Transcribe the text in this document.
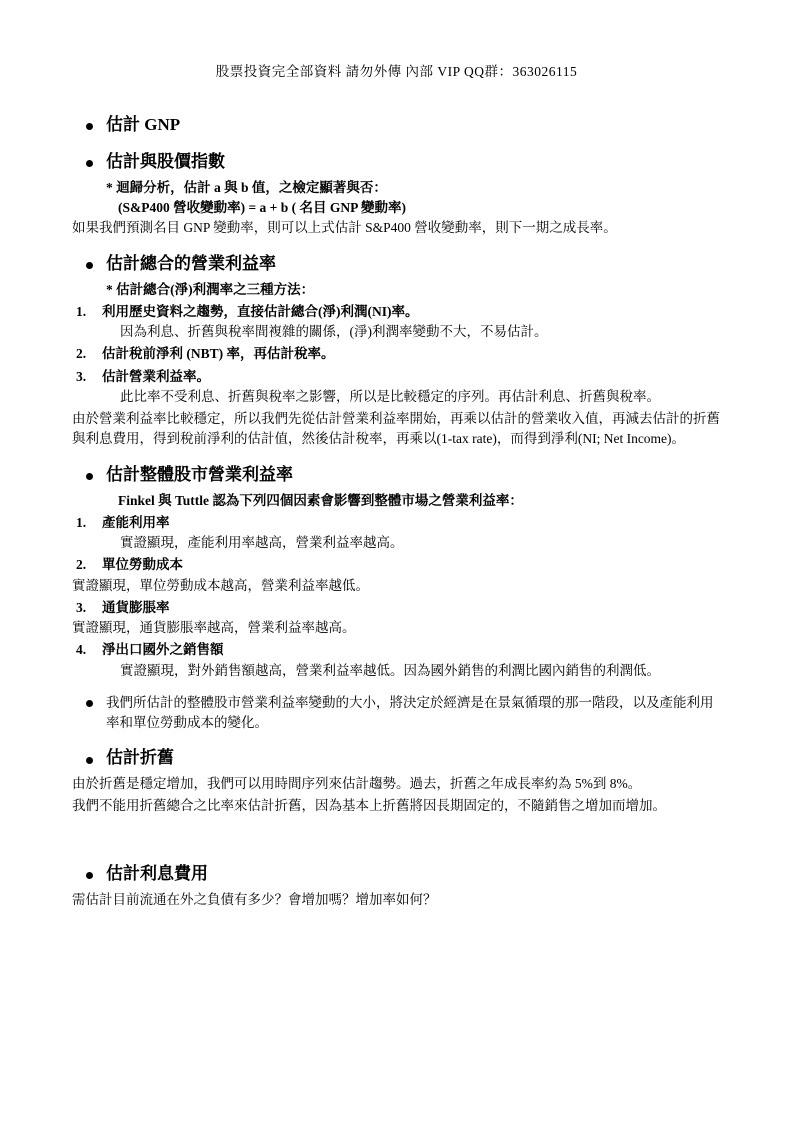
股票投資完全部資料 請勿外傳 內部 VIP QQ群：363026115
估計 GNP
估計與股價指數
* 迴歸分析，估計 a 與 b 值，之檢定顯著與否：
(S&P400 營收變動率) = a + b ( 名目 GNP 變動率)
如果我們預測名目 GNP 變動率，則可以上式估計 S&P400 營收變動率，則下一期之成長率。
估計總合的營業利益率
* 估計總合(淨)利潤率之三種方法：
利用歷史資料之趨勢，直接估計總合(淨)利潤(NI)率。
因為利息、折舊與稅率間複雜的關係，(淨)利潤率變動不大，不易估計。
估計稅前淨利 (NBT) 率，再估計稅率。
估計營業利益率。
此比率不受利息、折舊與稅率之影響，所以是比較穩定的序列。再估計利息、折舊與稅率。
由於營業利益率比較穩定，所以我們先從估計營業利益率開始，再乘以估計的營業收入值，再減去估計的折舊與利息費用，得到稅前淨利的估計值，然後估計稅率，再乘以(1-tax rate)，而得到淨利(NI; Net Income)。
估計整體股市營業利益率
Finkel 與 Tuttle 認為下列四個因素會影響到整體市場之營業利益率：
產能利用率
實證顯現，產能利用率越高，營業利益率越高。
單位勞動成本
實證顯現，單位勞動成本越高，營業利益率越低。
通貨膨脹率
實證顯現，通貨膨脹率越高，營業利益率越高。
淨出口國外之銷售額
實證顯現，對外銷售額越高，營業利益率越低。因為國外銷售的利潤比國內銷售的利潤低。
我們所估計的整體股市營業利益率變動的大小，將決定於經濟是在景氣循環的那一階段，以及產能利用率和單位勞動成本的變化。
估計折舊
由於折舊是穩定增加，我們可以用時間序列來估計趨勢。過去，折舊之年成長率約為 5%到 8%。
我們不能用折舊總合之比率來估計折舊，因為基本上折舊將因長期固定的，不隨銷售之增加而增加。
估計利息費用
需估計目前流通在外之負債有多少？會增加嗎？增加率如何？
